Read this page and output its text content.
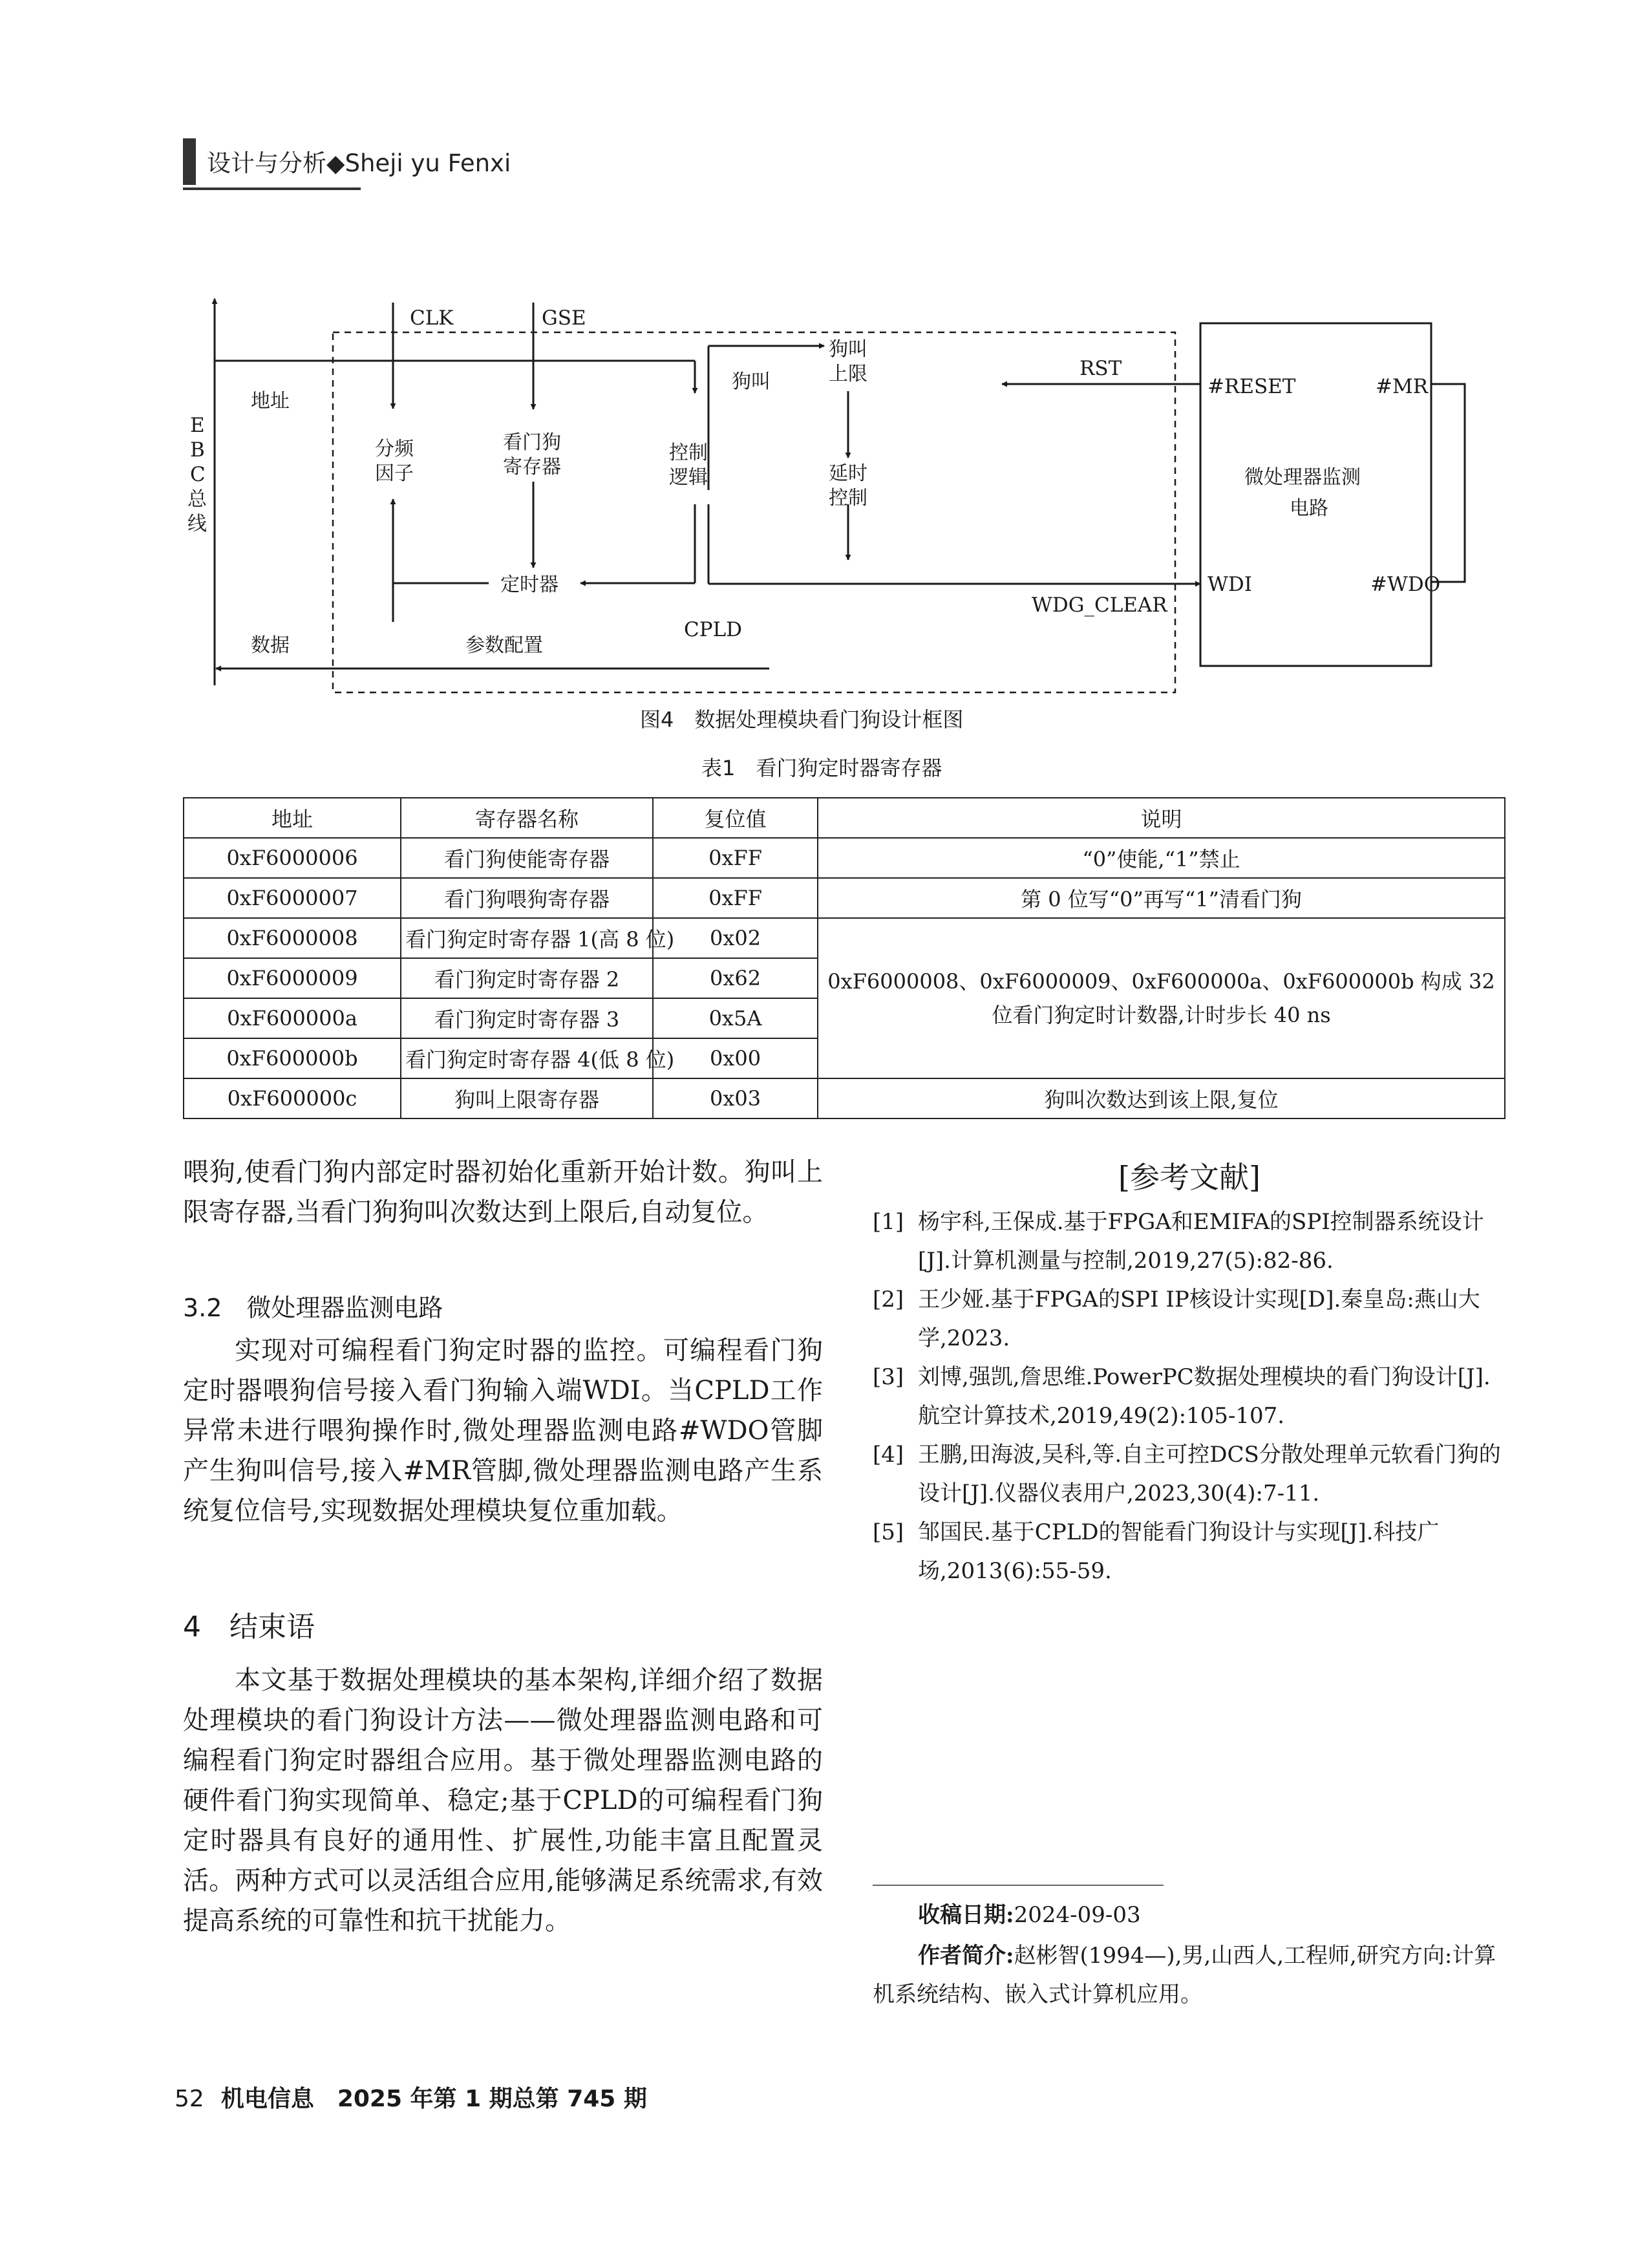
设计与分析◆Sheji yu Fenxi
CLK	GSE
地址
E
B
C
总
线
分频
因子
看门狗
寄存器
控制
逻辑
狗叫
狗叫
上限
延时
控制
定时器
CPLD
数据	参数配置
RST
#RESET	#MR
微处理器监测
电路
WDI	#WDO
WDG_CLEAR
图4　数据处理模块看门狗设计框图
表1　看门狗定时器寄存器
地址	寄存器名称	复位值	说明
0xF6000006	看门狗使能寄存器	0xFF	“0”使能,“1”禁止
0xF6000007	看门狗喂狗寄存器	0xFF	第 0 位写“0”再写“1”清看门狗
0xF6000008	看门狗定时寄存器 1(高 8 位)	0x02	0xF6000008、0xF6000009、0xF600000a、0xF600000b 构成 32 位看门狗定时计数器,计时步长 40 ns
0xF6000009	看门狗定时寄存器 2	0x62	
0xF600000a	看门狗定时寄存器 3	0x5A	
0xF600000b	看门狗定时寄存器 4(低 8 位)	0x00	
0xF600000c	狗叫上限寄存器	0x03	狗叫次数达到该上限,复位

喂狗,使看门狗内部定时器初始化重新开始计数。狗叫上限寄存器,当看门狗狗叫次数达到上限后,自动复位。

3.2　微处理器监测电路

实现对可编程看门狗定时器的监控。可编程看门狗定时器喂狗信号接入看门狗输入端WDI。当CPLD工作异常未进行喂狗操作时,微处理器监测电路#WDO管脚产生狗叫信号,接入#MR管脚,微处理器监测电路产生系统复位信号,实现数据处理模块复位重加载。

4　结束语

本文基于数据处理模块的基本架构,详细介绍了数据处理模块的看门狗设计方法——微处理器监测电路和可编程看门狗定时器组合应用。基于微处理器监测电路的硬件看门狗实现简单、稳定;基于CPLD的可编程看门狗定时器具有良好的通用性、扩展性,功能丰富且配置灵活。两种方式可以灵活组合应用,能够满足系统需求,有效提高系统的可靠性和抗干扰能力。

[参考文献]
[1] 杨宇科,王保成.基于FPGA和EMIFA的SPI控制器系统设计[J].计算机测量与控制,2019,27(5):82-86.
[2] 王少娅.基于FPGA的SPI IP核设计实现[D].秦皇岛:燕山大学,2023.
[3] 刘博,强凯,詹思维.PowerPC数据处理模块的看门狗设计[J].航空计算技术,2019,49(2):105-107.
[4] 王鹏,田海波,吴科,等.自主可控DCS分散处理单元软看门狗的设计[J].仪器仪表用户,2023,30(4):7-11.
[5] 邹国民.基于CPLD的智能看门狗设计与实现[J].科技广场,2013(6):55-59.
收稿日期:2024-09-03
作者简介:赵彬智(1994—),男,山西人,工程师,研究方向:计算机系统结构、嵌入式计算机应用。
52 机电信息　2025 年第 1 期总第 745 期
